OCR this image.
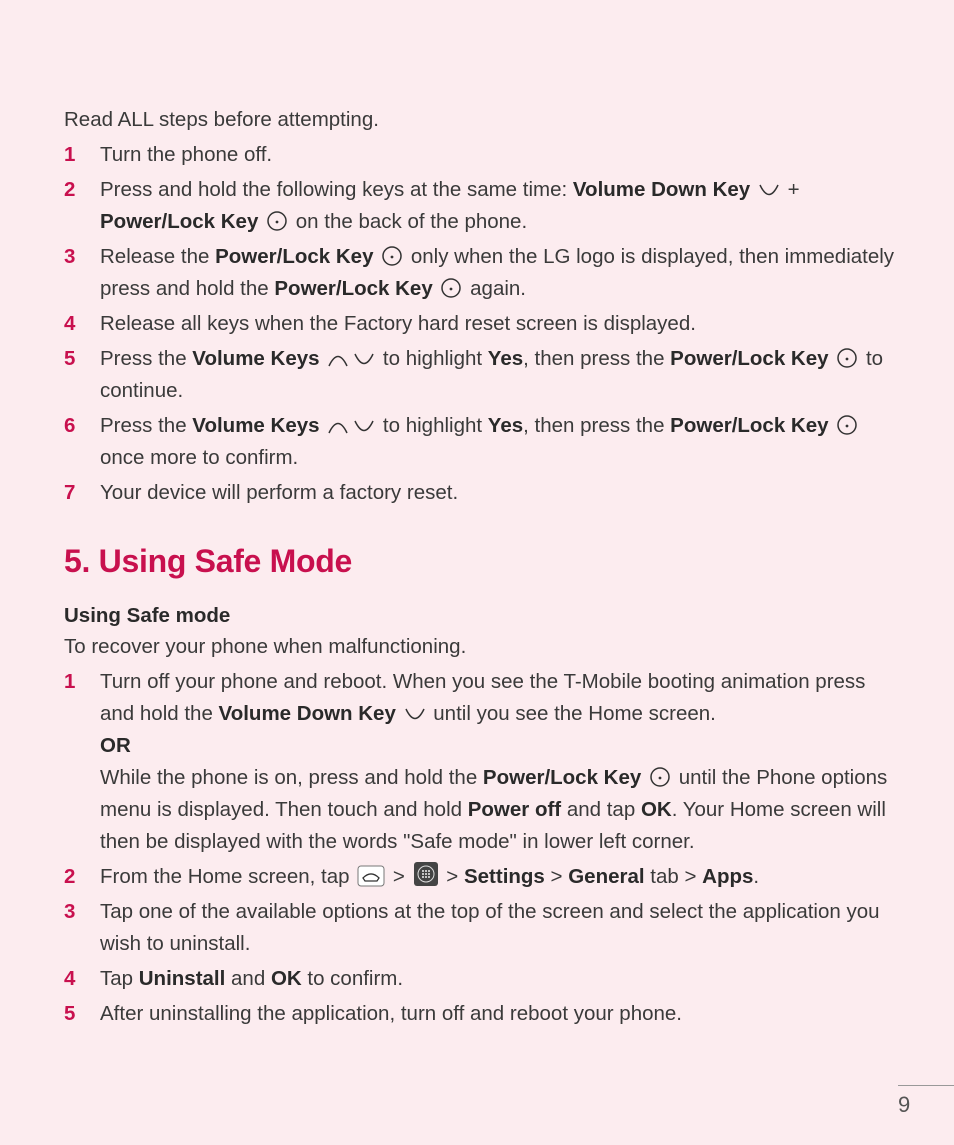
Read ALL steps before attempting.

1 Turn the phone off.
2 Press and hold the following keys at the same time: Volume Down Key  + Power/Lock Key  on the back of the phone.
3 Release the Power/Lock Key  only when the LG logo is displayed, then immediately press and hold the Power/Lock Key  again.
4 Release all keys when the Factory hard reset screen is displayed.
5 Press the Volume Keys	to highlight Yes, then press the Power/Lock Key  to continue.
6 Press the Volume Keys	to highlight Yes, then press the Power/Lock Key  once more to confirm.
7 Your device will perform a factory reset.
5. Using Safe Mode

Using Safe mode

To recover your phone when malfunctioning.

1 Turn off your phone and reboot. When you see the T-Mobile booting animation press and hold the Volume Down Key  until you see the Home screen.
OR
While the phone is on, press and hold the Power/Lock Key  until the Phone options menu is displayed. Then touch and hold Power off and tap OK. Your Home screen will then be displayed with the words "Safe mode" in lower left corner.
2 From the Home screen, tap  >  > Settings > General tab > Apps.
3 Tap one of the available options at the top of the screen and select the application you wish to uninstall.
4 Tap Uninstall and OK to confirm.
5 After uninstalling the application, turn off and reboot your phone.
9
